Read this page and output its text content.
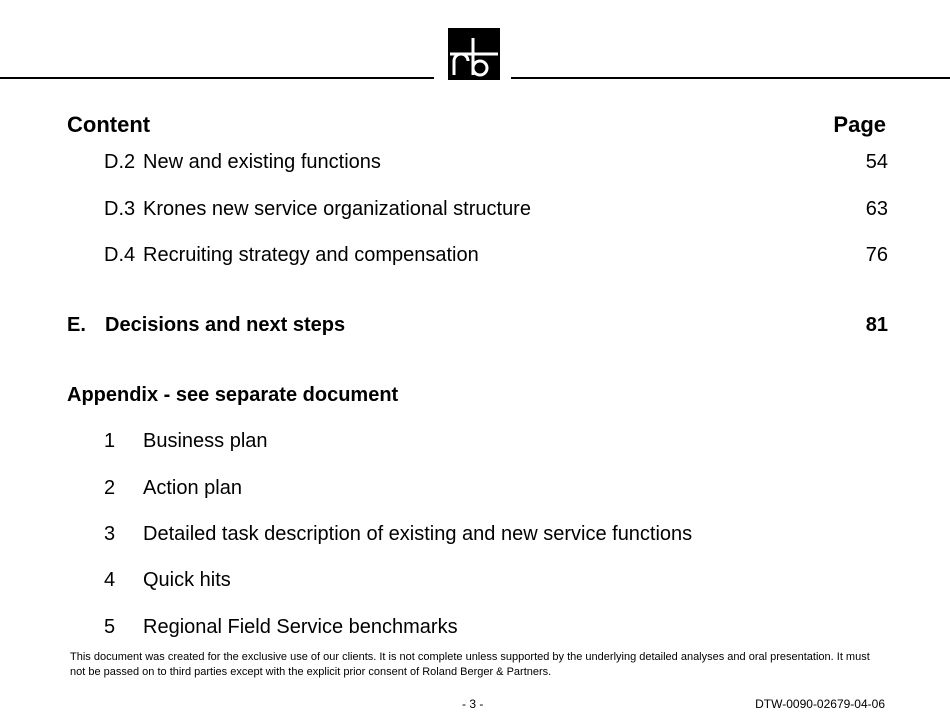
Content	Page
D.2 New and existing functions	54
D.3 Krones new service organizational structure	63
D.4 Recruiting strategy and compensation	76
E. Decisions and next steps	81
Appendix - see separate document
1 Business plan
2 Action plan
3 Detailed task description of existing and new service functions
4 Quick hits
5 Regional Field Service benchmarks
This document was created for the exclusive use of our clients. It is not complete unless supported by the underlying detailed analyses and oral presentation. It must not be passed on to third parties except with the explicit prior consent of Roland Berger & Partners.
- 3 -	DTW-0090-02679-04-06
